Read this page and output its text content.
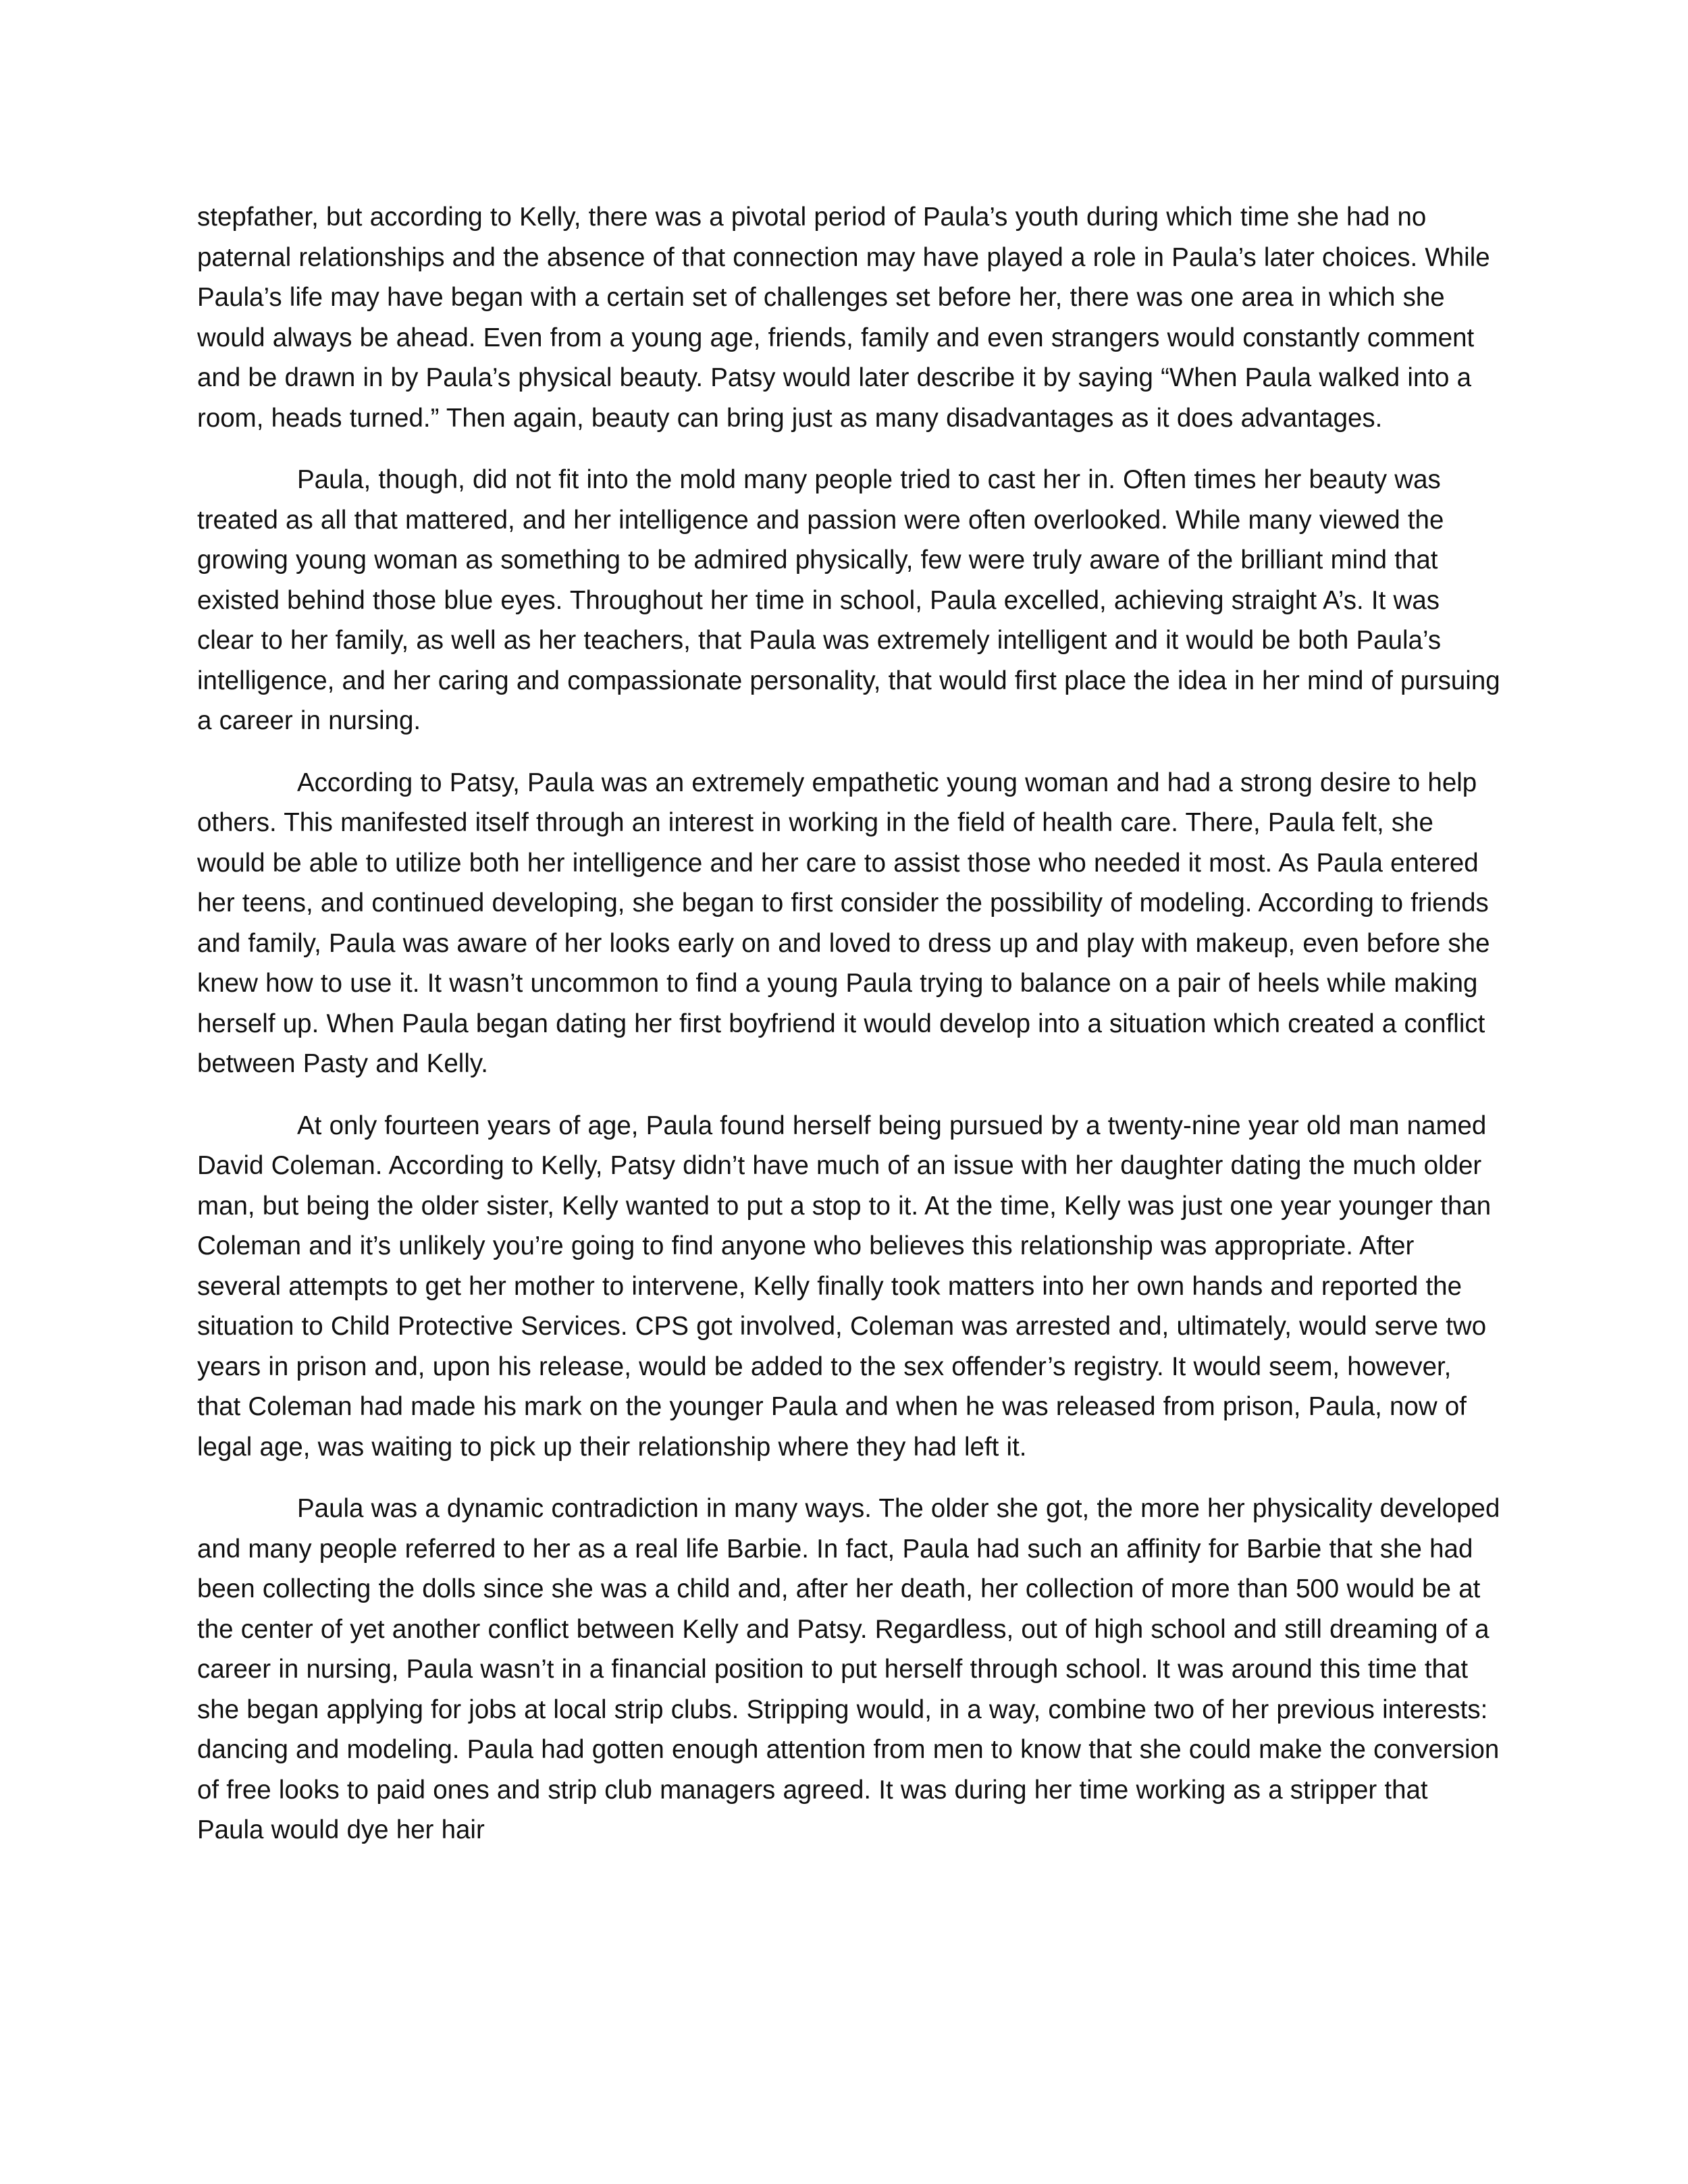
stepfather, but according to Kelly, there was a pivotal period of Paula’s youth during which time she had no paternal relationships and the absence of that connection may have played a role in Paula’s later choices. While Paula’s life may have began with a certain set of challenges set before her, there was one area in which she would always be ahead. Even from a young age, friends, family and even strangers would constantly comment and be drawn in by Paula’s physical beauty. Patsy would later describe it by saying “When Paula walked into a room, heads turned.” Then again, beauty can bring just as many disadvantages as it does advantages.

Paula, though, did not fit into the mold many people tried to cast her in. Often times her beauty was treated as all that mattered, and her intelligence and passion were often overlooked. While many viewed the growing young woman as something to be admired physically, few were truly aware of the brilliant mind that existed behind those blue eyes. Throughout her time in school, Paula excelled, achieving straight A’s. It was clear to her family, as well as her teachers, that Paula was extremely intelligent and it would be both Paula’s intelligence, and her caring and compassionate personality, that would first place the idea in her mind of pursuing a career in nursing.

According to Patsy, Paula was an extremely empathetic young woman and had a strong desire to help others. This manifested itself through an interest in working in the field of health care. There, Paula felt, she would be able to utilize both her intelligence and her care to assist those who needed it most. As Paula entered her teens, and continued developing, she began to first consider the possibility of modeling. According to friends and family, Paula was aware of her looks early on and loved to dress up and play with makeup, even before she knew how to use it. It wasn’t uncommon to find a young Paula trying to balance on a pair of heels while making herself up. When Paula began dating her first boyfriend it would develop into a situation which created a conflict between Pasty and Kelly.

At only fourteen years of age, Paula found herself being pursued by a twenty-nine year old man named David Coleman. According to Kelly, Patsy didn’t have much of an issue with her daughter dating the much older man, but being the older sister, Kelly wanted to put a stop to it. At the time, Kelly was just one year younger than Coleman and it’s unlikely you’re going to find anyone who believes this relationship was appropriate. After several attempts to get her mother to intervene, Kelly finally took matters into her own hands and reported the situation to Child Protective Services. CPS got involved, Coleman was arrested and, ultimately, would serve two years in prison and, upon his release, would be added to the sex offender’s registry. It would seem, however, that Coleman had made his mark on the younger Paula and when he was released from prison, Paula, now of legal age, was waiting to pick up their relationship where they had left it.

Paula was a dynamic contradiction in many ways. The older she got, the more her physicality developed and many people referred to her as a real life Barbie. In fact, Paula had such an affinity for Barbie that she had been collecting the dolls since she was a child and, after her death, her collection of more than 500 would be at the center of yet another conflict between Kelly and Patsy. Regardless, out of high school and still dreaming of a career in nursing, Paula wasn’t in a financial position to put herself through school. It was around this time that she began applying for jobs at local strip clubs. Stripping would, in a way, combine two of her previous interests: dancing and modeling. Paula had gotten enough attention from men to know that she could make the conversion of free looks to paid ones and strip club managers agreed. It was during her time working as a stripper that Paula would dye her hair
